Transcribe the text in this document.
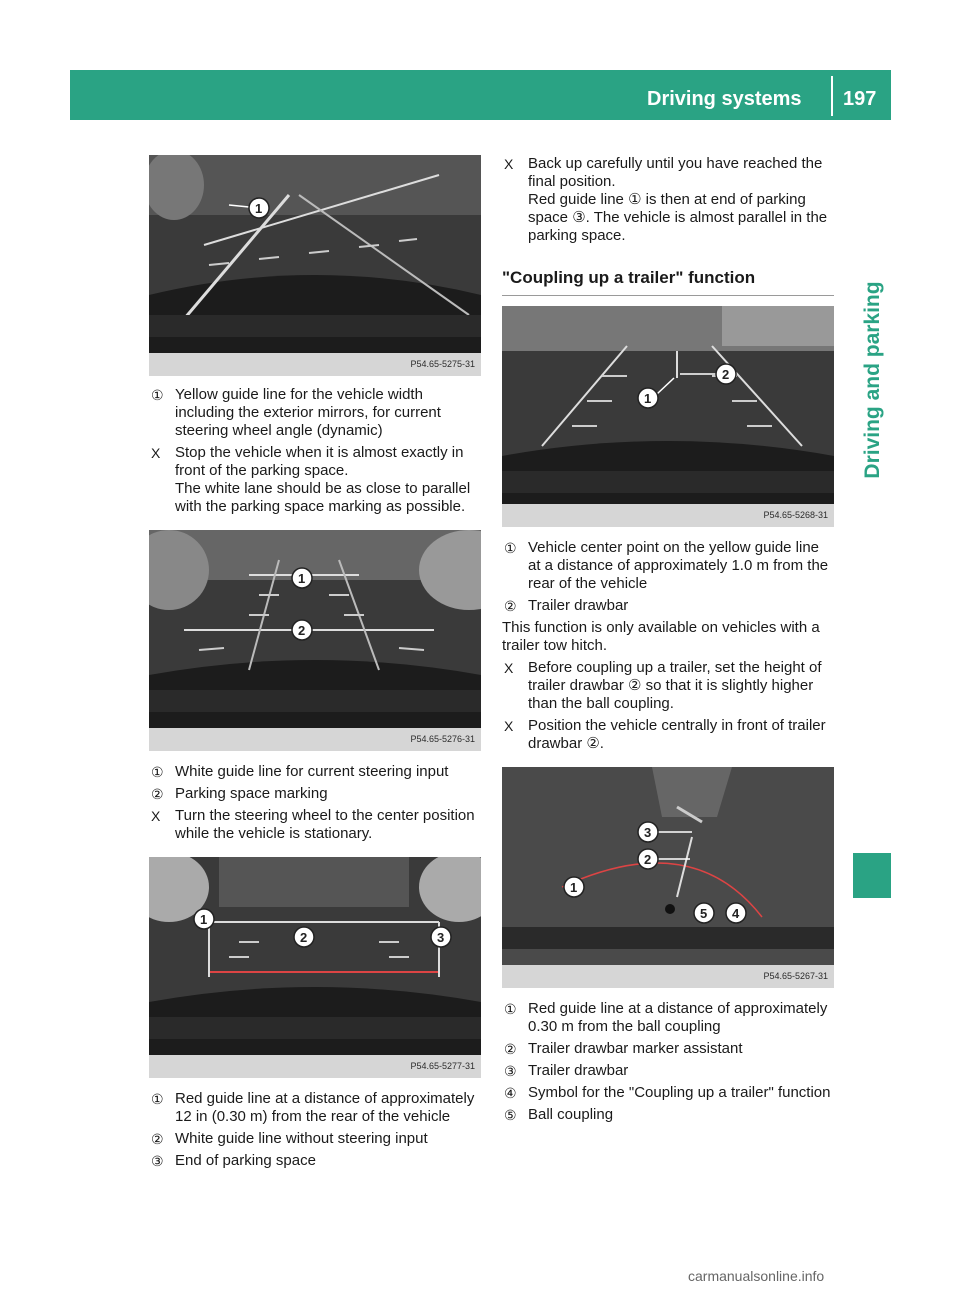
Driving systems 197
Driving and parking
1
P54.65-5275-31
① Yellow guide line for the vehicle width including the exterior mirrors, for current steering wheel angle (dynamic)
X Stop the vehicle when it is almost exactly in front of the parking space.
The white lane should be as close to parallel with the parking space marking as possible.
1
2
P54.65-5276-31
① White guide line for current steering input
② Parking space marking
X Turn the steering wheel to the center position while the vehicle is stationary.
1
2	3
P54.65-5277-31
① Red guide line at a distance of approximately 12 in (0.30 m) from the rear of the vehicle
② White guide line without steering input
③ End of parking space
X Back up carefully until you have reached the final position.
Red guide line ① is then at end of parking space ③. The vehicle is almost parallel in the parking space.
"Coupling up a trailer" function
1
2
P54.65-5268-31
① Vehicle center point on the yellow guide line at a distance of approximately 1.0 m from the rear of the vehicle
② Trailer drawbar
This function is only available on vehicles with a trailer tow hitch.
X Before coupling up a trailer, set the height of trailer drawbar ② so that it is slightly higher than the ball coupling.
X Position the vehicle centrally in front of trailer drawbar ②.
1
2
3
4
5
P54.65-5267-31
① Red guide line at a distance of approximately 0.30 m from the ball coupling
② Trailer drawbar marker assistant
③ Trailer drawbar
④ Symbol for the "Coupling up a trailer" function
⑤ Ball coupling
carmanualsonline.info
